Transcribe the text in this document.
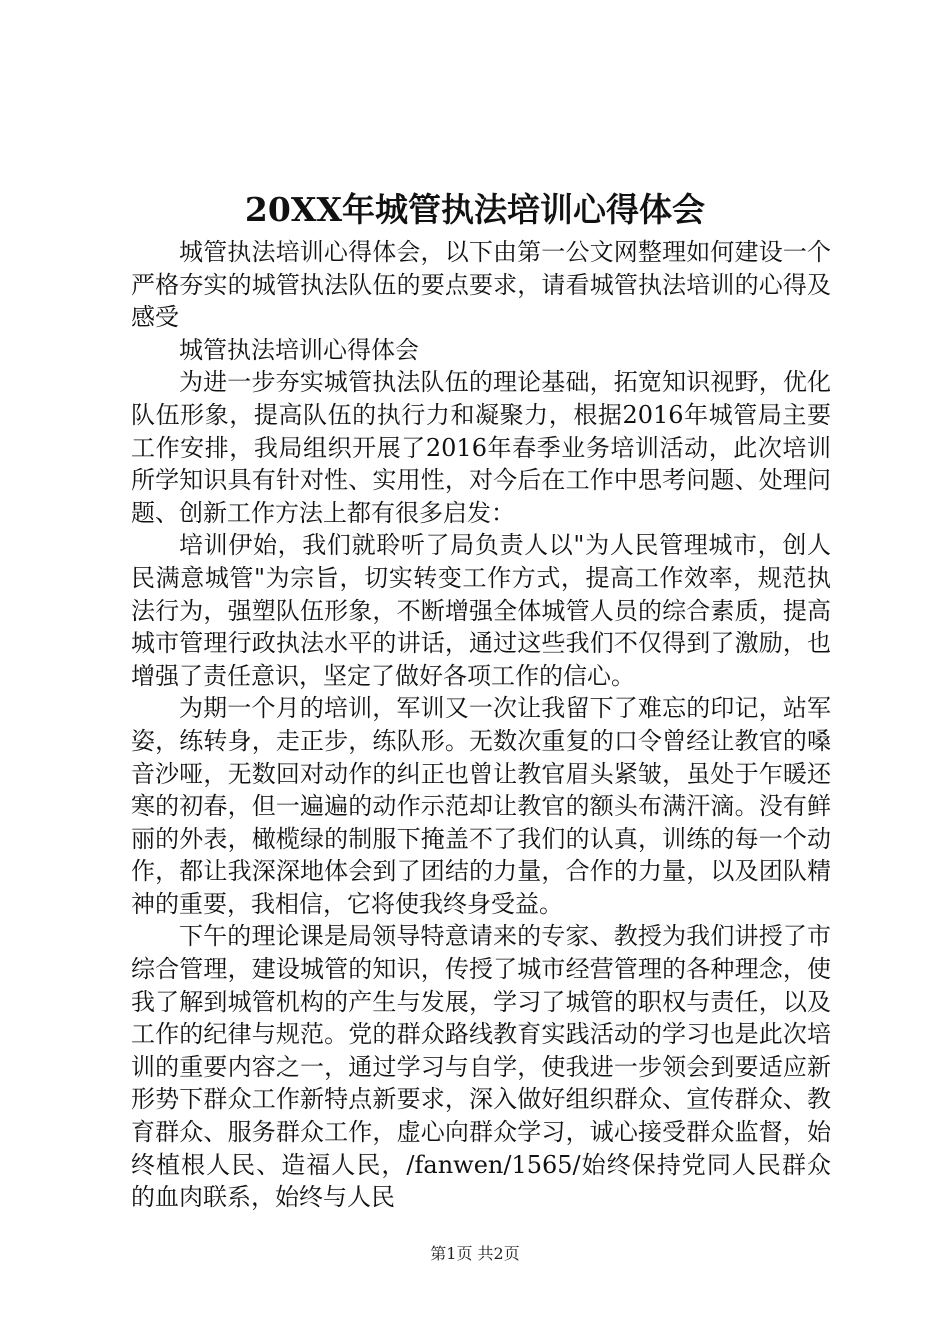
20XX年城管执法培训心得体会

城管执法培训心得体会，以下由第一公文网整理如何建设一个严格夯实的城管执法队伍的要点要求，请看城管执法培训的心得及感受

城管执法培训心得体会

为进一步夯实城管执法队伍的理论基础，拓宽知识视野，优化队伍形象，提高队伍的执行力和凝聚力，根据2016年城管局主要工作安排，我局组织开展了2016年春季业务培训活动，此次培训所学知识具有针对性、实用性，对今后在工作中思考问题、处理问题、创新工作方法上都有很多启发：

培训伊始，我们就聆听了局负责人以"为人民管理城市，创人民满意城管"为宗旨，切实转变工作方式，提高工作效率，规范执法行为，强塑队伍形象，不断增强全体城管人员的综合素质，提高城市管理行政执法水平的讲话，通过这些我们不仅得到了激励，也增强了责任意识，坚定了做好各项工作的信心。

为期一个月的培训，军训又一次让我留下了难忘的印记，站军姿，练转身，走正步，练队形。无数次重复的口令曾经让教官的嗓音沙哑，无数回对动作的纠正也曾让教官眉头紧皱，虽处于乍暖还寒的初春，但一遍遍的动作示范却让教官的额头布满汗滴。没有鲜丽的外表，橄榄绿的制服下掩盖不了我们的认真，训练的每一个动作，都让我深深地体会到了团结的力量，合作的力量，以及团队精神的重要，我相信，它将使我终身受益。

下午的理论课是局领导特意请来的专家、教授为我们讲授了市综合管理，建设城管的知识，传授了城市经营管理的各种理念，使我了解到城管机构的产生与发展，学习了城管的职权与责任，以及工作的纪律与规范。党的群众路线教育实践活动的学习也是此次培训的重要内容之一，通过学习与自学，使我进一步领会到要适应新形势下群众工作新特点新要求，深入做好组织群众、宣传群众、教育群众、服务群众工作，虚心向群众学习，诚心接受群众监督，始终植根人民、造福人民，/fanwen/1565/始终保持党同人民群众的血肉联系，始终与人民

第1页 共2页
